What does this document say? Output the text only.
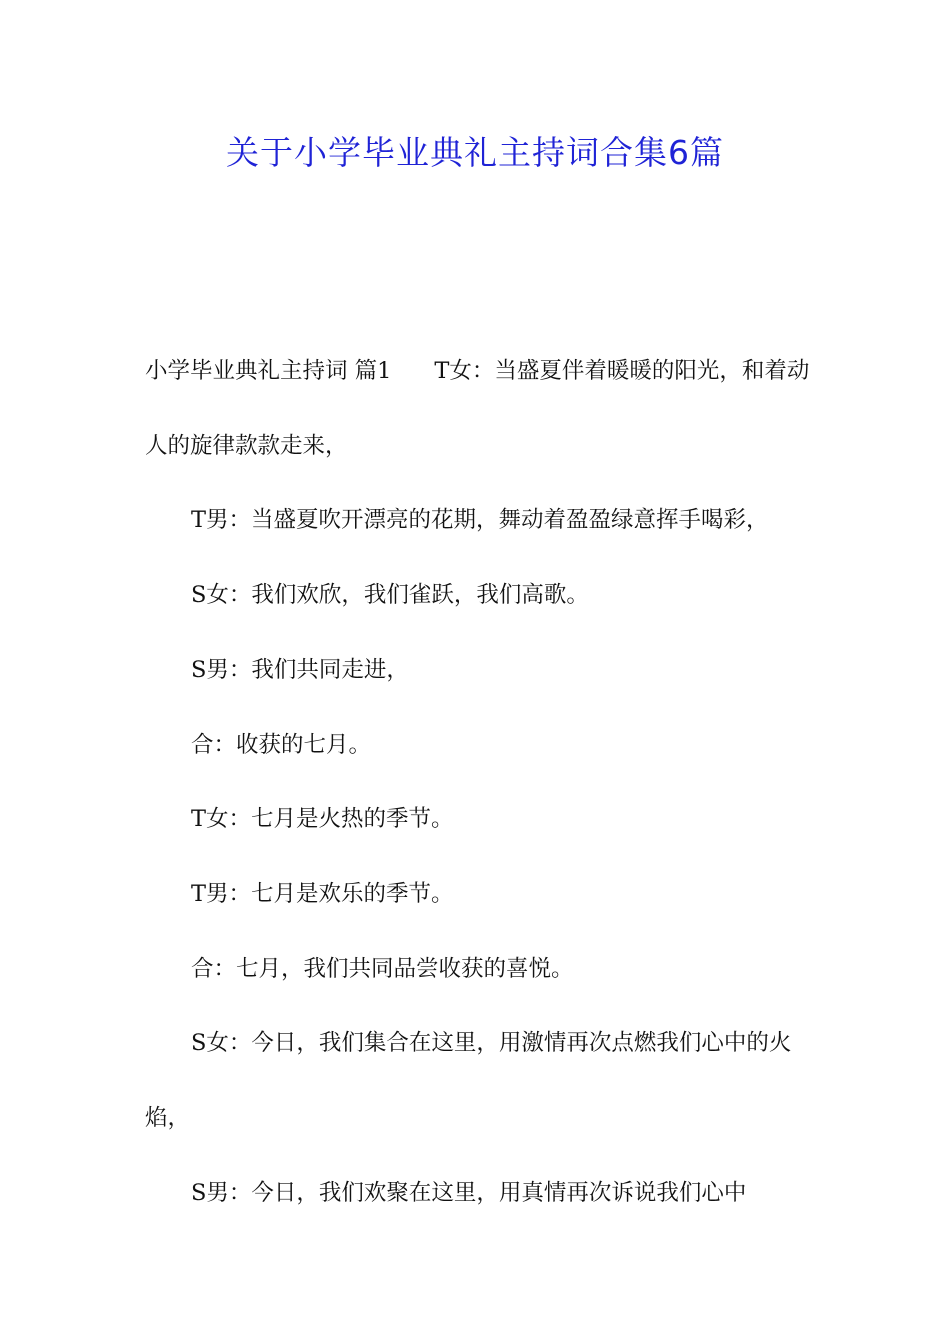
关于小学毕业典礼主持词合集6篇

小学毕业典礼主持词 篇1      T女：当盛夏伴着暖暖的阳光，和着动人的旋律款款走来，

T男：当盛夏吹开漂亮的花期，舞动着盈盈绿意挥手喝彩，

S女：我们欢欣，我们雀跃，我们高歌。

S男：我们共同走进，

合：收获的七月。

T女：七月是火热的季节。

T男：七月是欢乐的季节。

合：七月，我们共同品尝收获的喜悦。

S女：今日，我们集合在这里，用激情再次点燃我们心中的火焰，

S男：今日，我们欢聚在这里，用真情再次诉说我们心中
